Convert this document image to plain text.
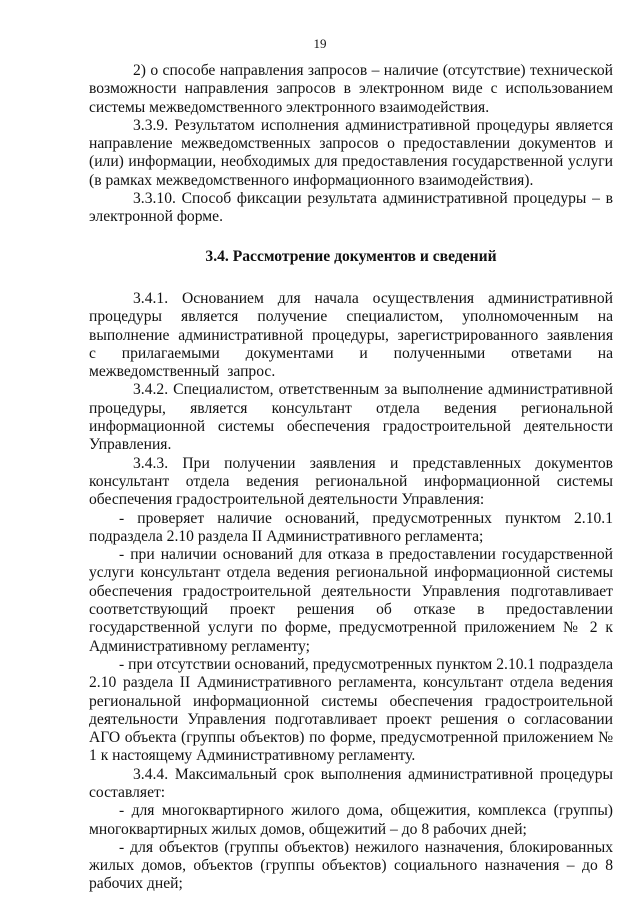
19

2) о способе направления запросов – наличие (отсутствие) технической возможности направления запросов в электронном виде с использованием системы межведомственного электронного взаимодействия.

3.3.9. Результатом исполнения административной процедуры является направление межведомственных запросов о предоставлении документов и (или) информации, необходимых для предоставления государственной услуги (в рамках межведомственного информационного взаимодействия).

3.3.10. Способ фиксации результата административной процедуры – в электронной форме.

3.4. Рассмотрение документов и сведений

3.4.1. Основанием для начала осуществления административной процедуры является получение специалистом, уполномоченным на выполнение административной процедуры, зарегистрированного заявления с прилагаемыми документами и полученными ответами на межведомственный запрос.

3.4.2. Специалистом, ответственным за выполнение административной процедуры, является консультант отдела ведения региональной информационной системы обеспечения градостроительной деятельности Управления.

3.4.3. При получении заявления и представленных документов консультант отдела ведения региональной информационной системы обеспечения градостроительной деятельности Управления:

- проверяет наличие оснований, предусмотренных пунктом 2.10.1 подраздела 2.10 раздела II Административного регламента;

- при наличии оснований для отказа в предоставлении государственной услуги консультант отдела ведения региональной информационной системы обеспечения градостроительной деятельности Управления подготавливает соответствующий проект решения об отказе в предоставлении государственной услуги по форме, предусмотренной приложением № 2 к Административному регламенту;

- при отсутствии оснований, предусмотренных пунктом 2.10.1 подраздела 2.10 раздела II Административного регламента, консультант отдела ведения региональной информационной системы обеспечения градостроительной деятельности Управления подготавливает проект решения о согласовании АГО объекта (группы объектов) по форме, предусмотренной приложением № 1 к настоящему Административному регламенту.

3.4.4. Максимальный срок выполнения административной процедуры составляет:

- для многоквартирного жилого дома, общежития, комплекса (группы) многоквартирных жилых домов, общежитий – до 8 рабочих дней;

- для объектов (группы объектов) нежилого назначения, блокированных жилых домов, объектов (группы объектов) социального назначения – до 8 рабочих дней;
